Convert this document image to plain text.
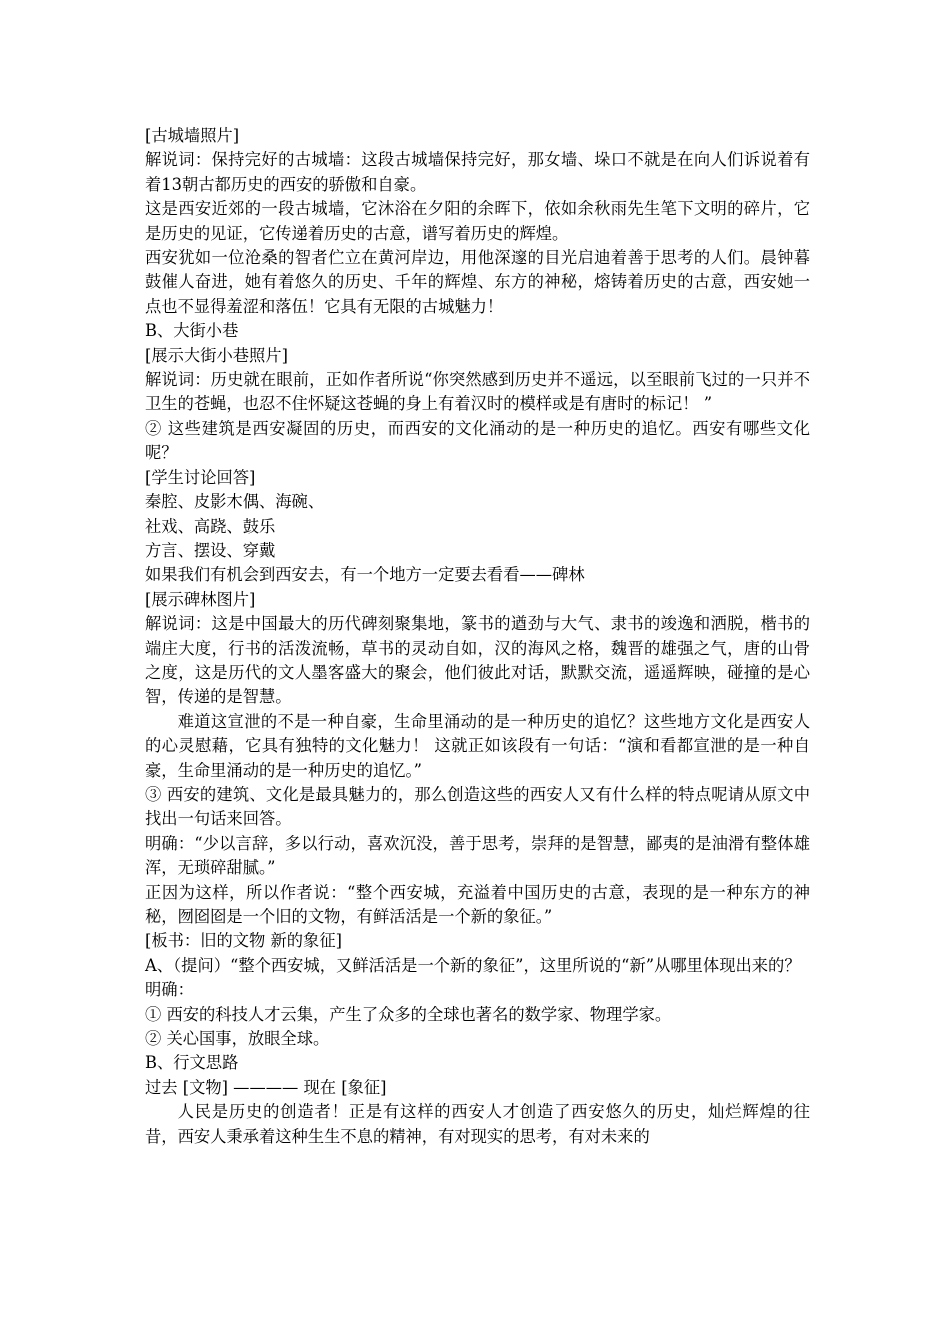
[古城墙照片]

解说词：保持完好的古城墙：这段古城墙保持完好，那女墙、垛口不就是在向人们诉说着有着13朝古都历史的西安的骄傲和自豪。

这是西安近郊的一段古城墙，它沐浴在夕阳的余晖下，依如余秋雨先生笔下文明的碎片，它是历史的见证，它传递着历史的古意，谱写着历史的辉煌。

西安犹如一位沧桑的智者伫立在黄河岸边，用他深邃的目光启迪着善于思考的人们。晨钟暮鼓催人奋进，她有着悠久的历史、千年的辉煌、东方的神秘，熔铸着历史的古意，西安她一点也不显得羞涩和落伍！它具有无限的古城魅力！

B、大街小巷

[展示大街小巷照片]

解说词：历史就在眼前，正如作者所说“你突然感到历史并不遥远，以至眼前飞过的一只并不卫生的苍蝇，也忍不住怀疑这苍蝇的身上有着汉时的模样或是有唐时的标记！ ”

② 这些建筑是西安凝固的历史，而西安的文化涌动的是一种历史的追忆。西安有哪些文化呢？

[学生讨论回答]

秦腔、皮影木偶、海碗、

社戏、高跷、鼓乐

方言、摆设、穿戴

如果我们有机会到西安去，有一个地方一定要去看看——碑林

[展示碑林图片]

解说词：这是中国最大的历代碑刻聚集地，篆书的遒劲与大气、隶书的竣逸和洒脱，楷书的端庄大度，行书的活泼流畅，草书的灵动自如，汉的海风之格，魏晋的雄强之气，唐的山骨之度，这是历代的文人墨客盛大的聚会，他们彼此对话，默默交流，遥遥辉映，碰撞的是心智，传递的是智慧。

难道这宣泄的不是一种自豪，生命里涌动的是一种历史的追忆？这些地方文化是西安人的心灵慰藉，它具有独特的文化魅力！ 这就正如该段有一句话：“演和看都宣泄的是一种自豪，生命里涌动的是一种历史的追忆。”

③ 西安的建筑、文化是最具魅力的，那么创造这些的西安人又有什么样的特点呢请从原文中找出一句话来回答。

明确：“少以言辞，多以行动，喜欢沉没，善于思考，崇拜的是智慧，鄙夷的是油滑有整体雄浑，无琐碎甜腻。”

正因为这样，所以作者说：“整个西安城，充溢着中国历史的古意，表现的是一种东方的神秘，囫囵囵是一个旧的文物，有鲜活活是一个新的象征。”

[板书：旧的文物 新的象征]

A、（提问）“整个西安城，又鲜活活是一个新的象征”，这里所说的“新”从哪里体现出来的？

明确：

① 西安的科技人才云集，产生了众多的全球也著名的数学家、物理学家。

② 关心国事，放眼全球。

B、行文思路

过去 [文物] ———— 现在 [象征]

人民是历史的创造者！正是有这样的西安人才创造了西安悠久的历史，灿烂辉煌的往昔，西安人秉承着这种生生不息的精神，有对现实的思考，有对未来的
